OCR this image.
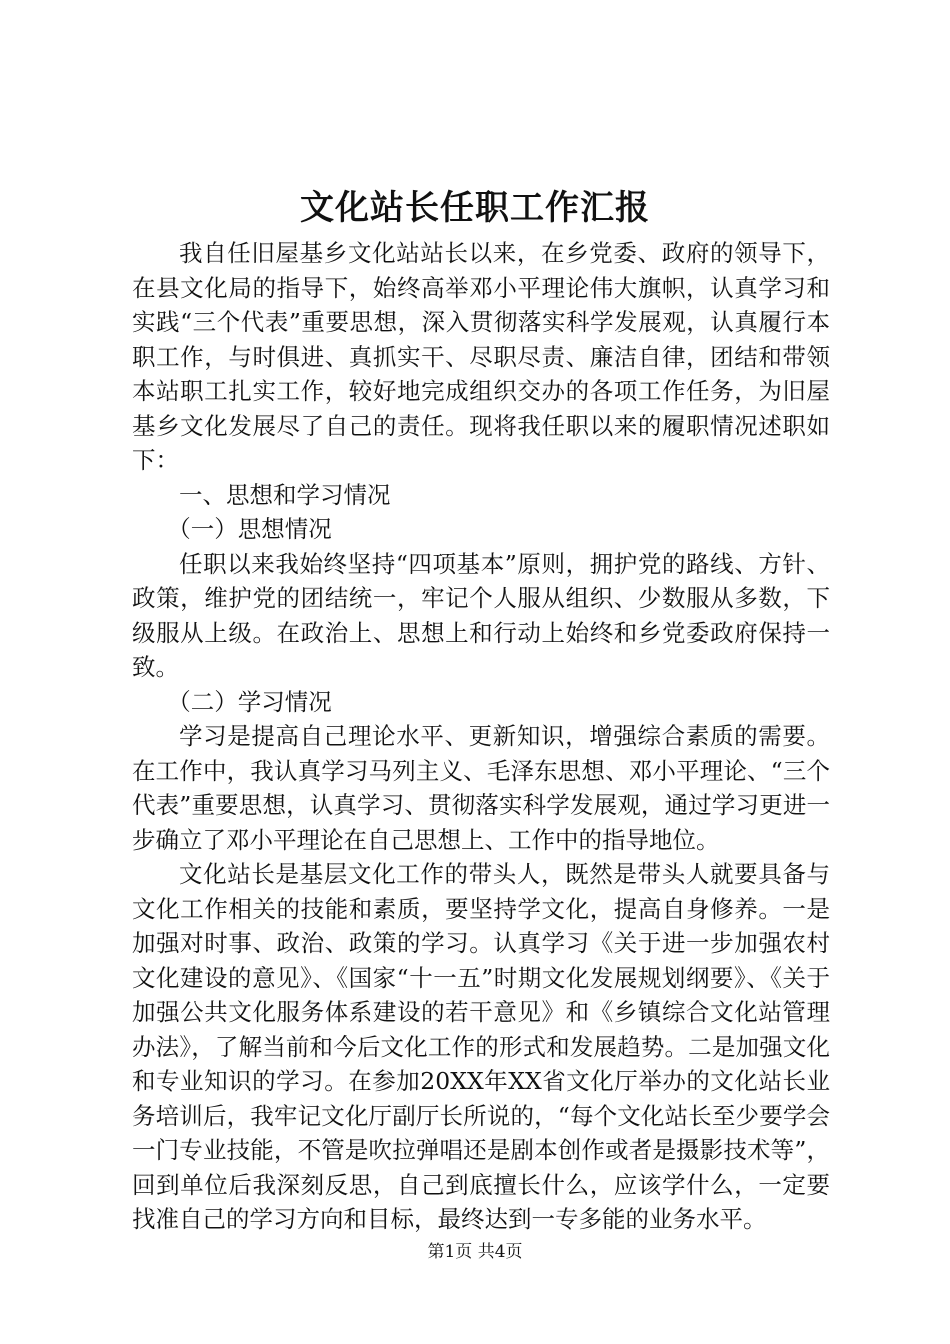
文化站长任职工作汇报

我自任旧屋基乡文化站站长以来，在乡党委、政府的领导下，在县文化局的指导下，始终高举邓小平理论伟大旗帜，认真学习和实践“三个代表”重要思想，深入贯彻落实科学发展观，认真履行本职工作，与时俱进、真抓实干、尽职尽责、廉洁自律，团结和带领本站职工扎实工作，较好地完成组织交办的各项工作任务，为旧屋基乡文化发展尽了自己的责任。现将我任职以来的履职情况述职如下：

一、思想和学习情况

（一）思想情况

任职以来我始终坚持“四项基本”原则，拥护党的路线、方针、政策，维护党的团结统一，牢记个人服从组织、少数服从多数，下级服从上级。在政治上、思想上和行动上始终和乡党委政府保持一致。

（二）学习情况

学习是提高自己理论水平、更新知识，增强综合素质的需要。在工作中，我认真学习马列主义、毛泽东思想、邓小平理论、“三个代表”重要思想，认真学习、贯彻落实科学发展观，通过学习更进一步确立了邓小平理论在自己思想上、工作中的指导地位。

文化站长是基层文化工作的带头人，既然是带头人就要具备与文化工作相关的技能和素质，要坚持学文化，提高自身修养。一是加强对时事、政治、政策的学习。认真学习《关于进一步加强农村文化建设的意见》、《国家“十一五”时期文化发展规划纲要》、《关于加强公共文化服务体系建设的若干意见》和《乡镇综合文化站管理办法》，了解当前和今后文化工作的形式和发展趋势。二是加强文化和专业知识的学习。在参加20XX年XX省文化厅举办的文化站长业务培训后，我牢记文化厅副厅长所说的，“每个文化站长至少要学会一门专业技能，不管是吹拉弹唱还是剧本创作或者是摄影技术等”，回到单位后我深刻反思，自己到底擅长什么，应该学什么，一定要找准自己的学习方向和目标，最终达到一专多能的业务水平。

第1页 共4页
